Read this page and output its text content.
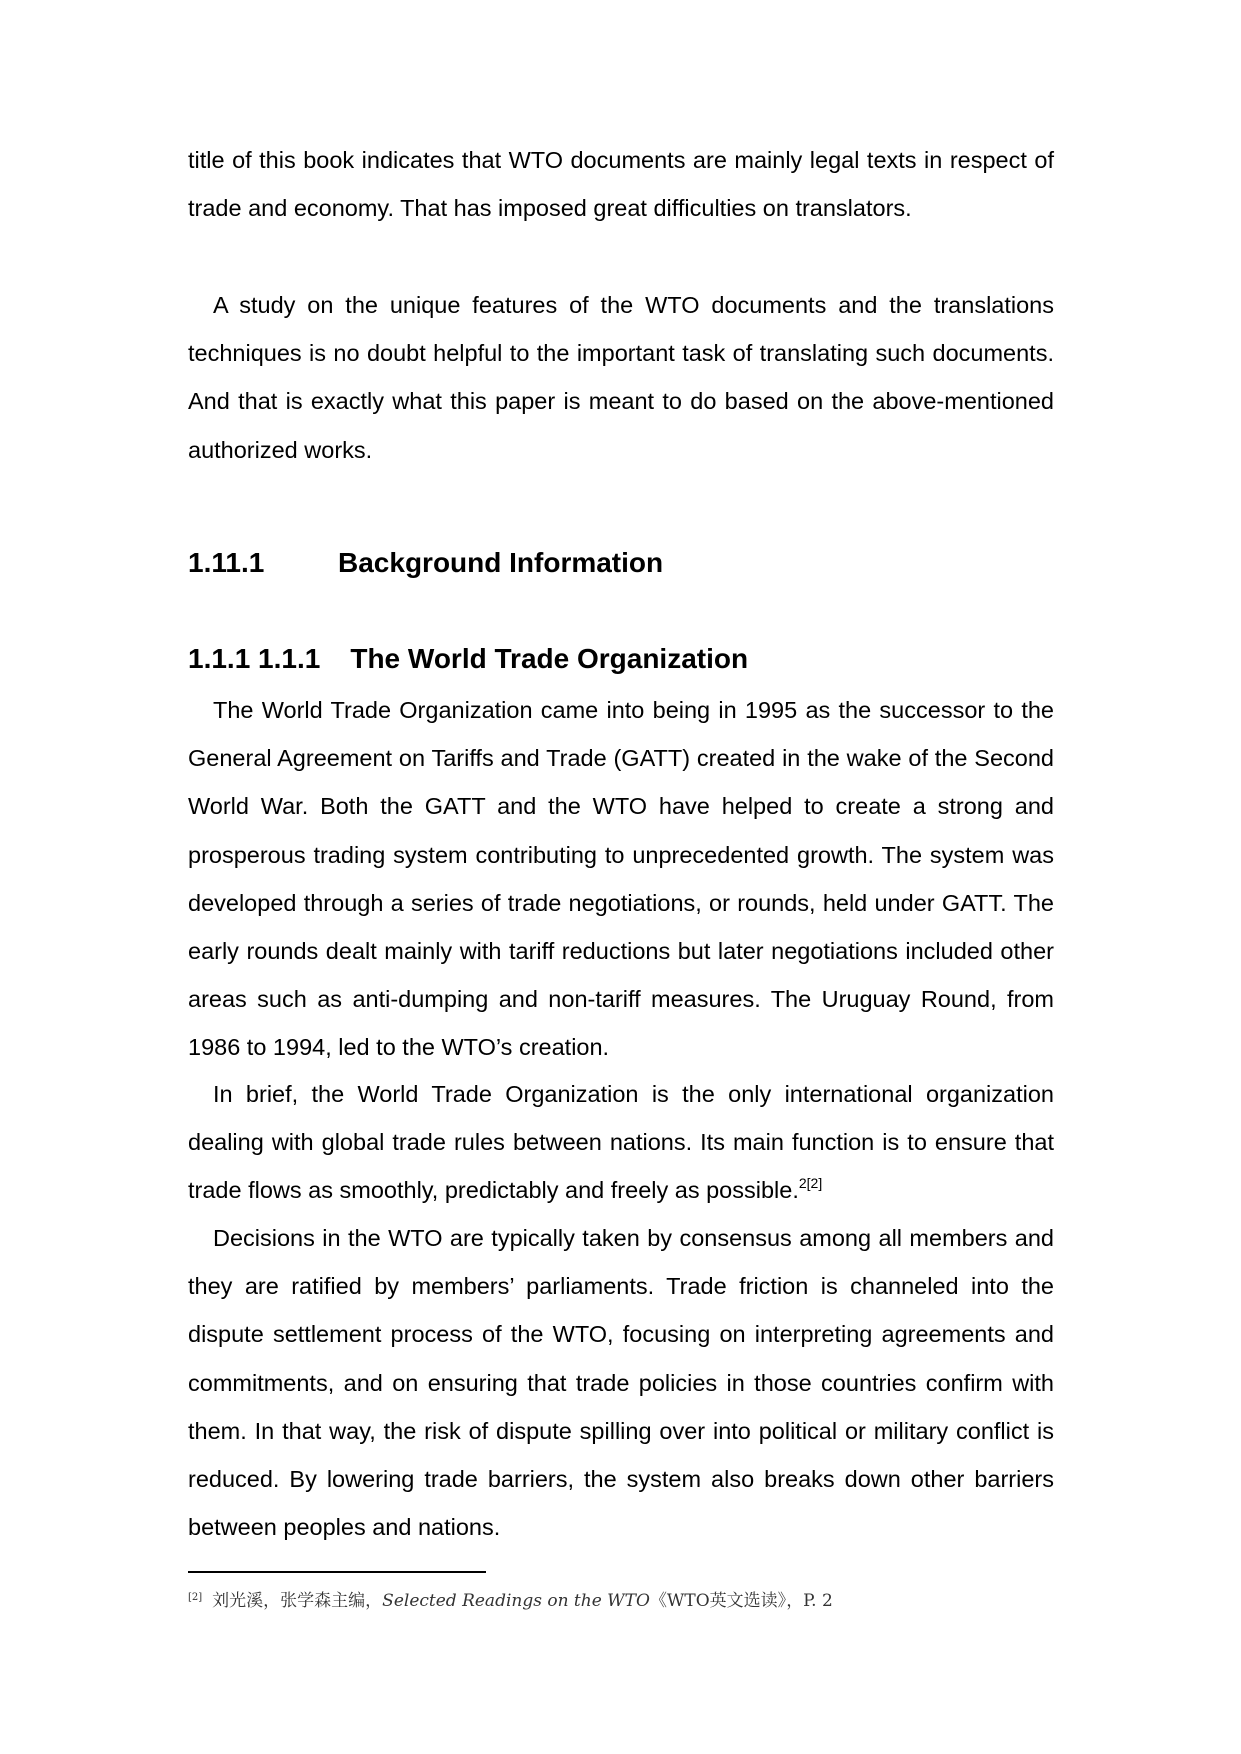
title of this book indicates that WTO documents are mainly legal texts in respect of trade and economy. That has imposed great difficulties on translators.

A study on the unique features of the WTO documents and the translations techniques is no doubt helpful to the important task of translating such documents. And that is exactly what this paper is meant to do based on the above-mentioned authorized works.

1.11.1	Background Information
1.1.1 1.1.1 The World Trade Organization

The World Trade Organization came into being in 1995 as the successor to the General Agreement on Tariffs and Trade (GATT) created in the wake of the Second World War. Both the GATT and the WTO have helped to create a strong and prosperous trading system contributing to unprecedented growth. The system was developed through a series of trade negotiations, or rounds, held under GATT. The early rounds dealt mainly with tariff reductions but later negotiations included other areas such as anti-dumping and non-tariff measures. The Uruguay Round, from 1986 to 1994, led to the WTO’s creation.

In brief, the World Trade Organization is the only international organization dealing with global trade rules between nations. Its main function is to ensure that trade flows as smoothly, predictably and freely as possible.$^{2[2]}$

Decisions in the WTO are typically taken by consensus among all members and they are ratified by members’ parliaments. Trade friction is channeled into the dispute settlement process of the WTO, focusing on interpreting agreements and commitments, and on ensuring that trade policies in those countries confirm with them. In that way, the risk of dispute spilling over into political or military conflict is reduced. By lowering trade barriers, the system also breaks down other barriers between peoples and nations.

[2] 刘光溪，张学森主编，Selected Readings on the WTO《WTO英文选读》，P. 2
